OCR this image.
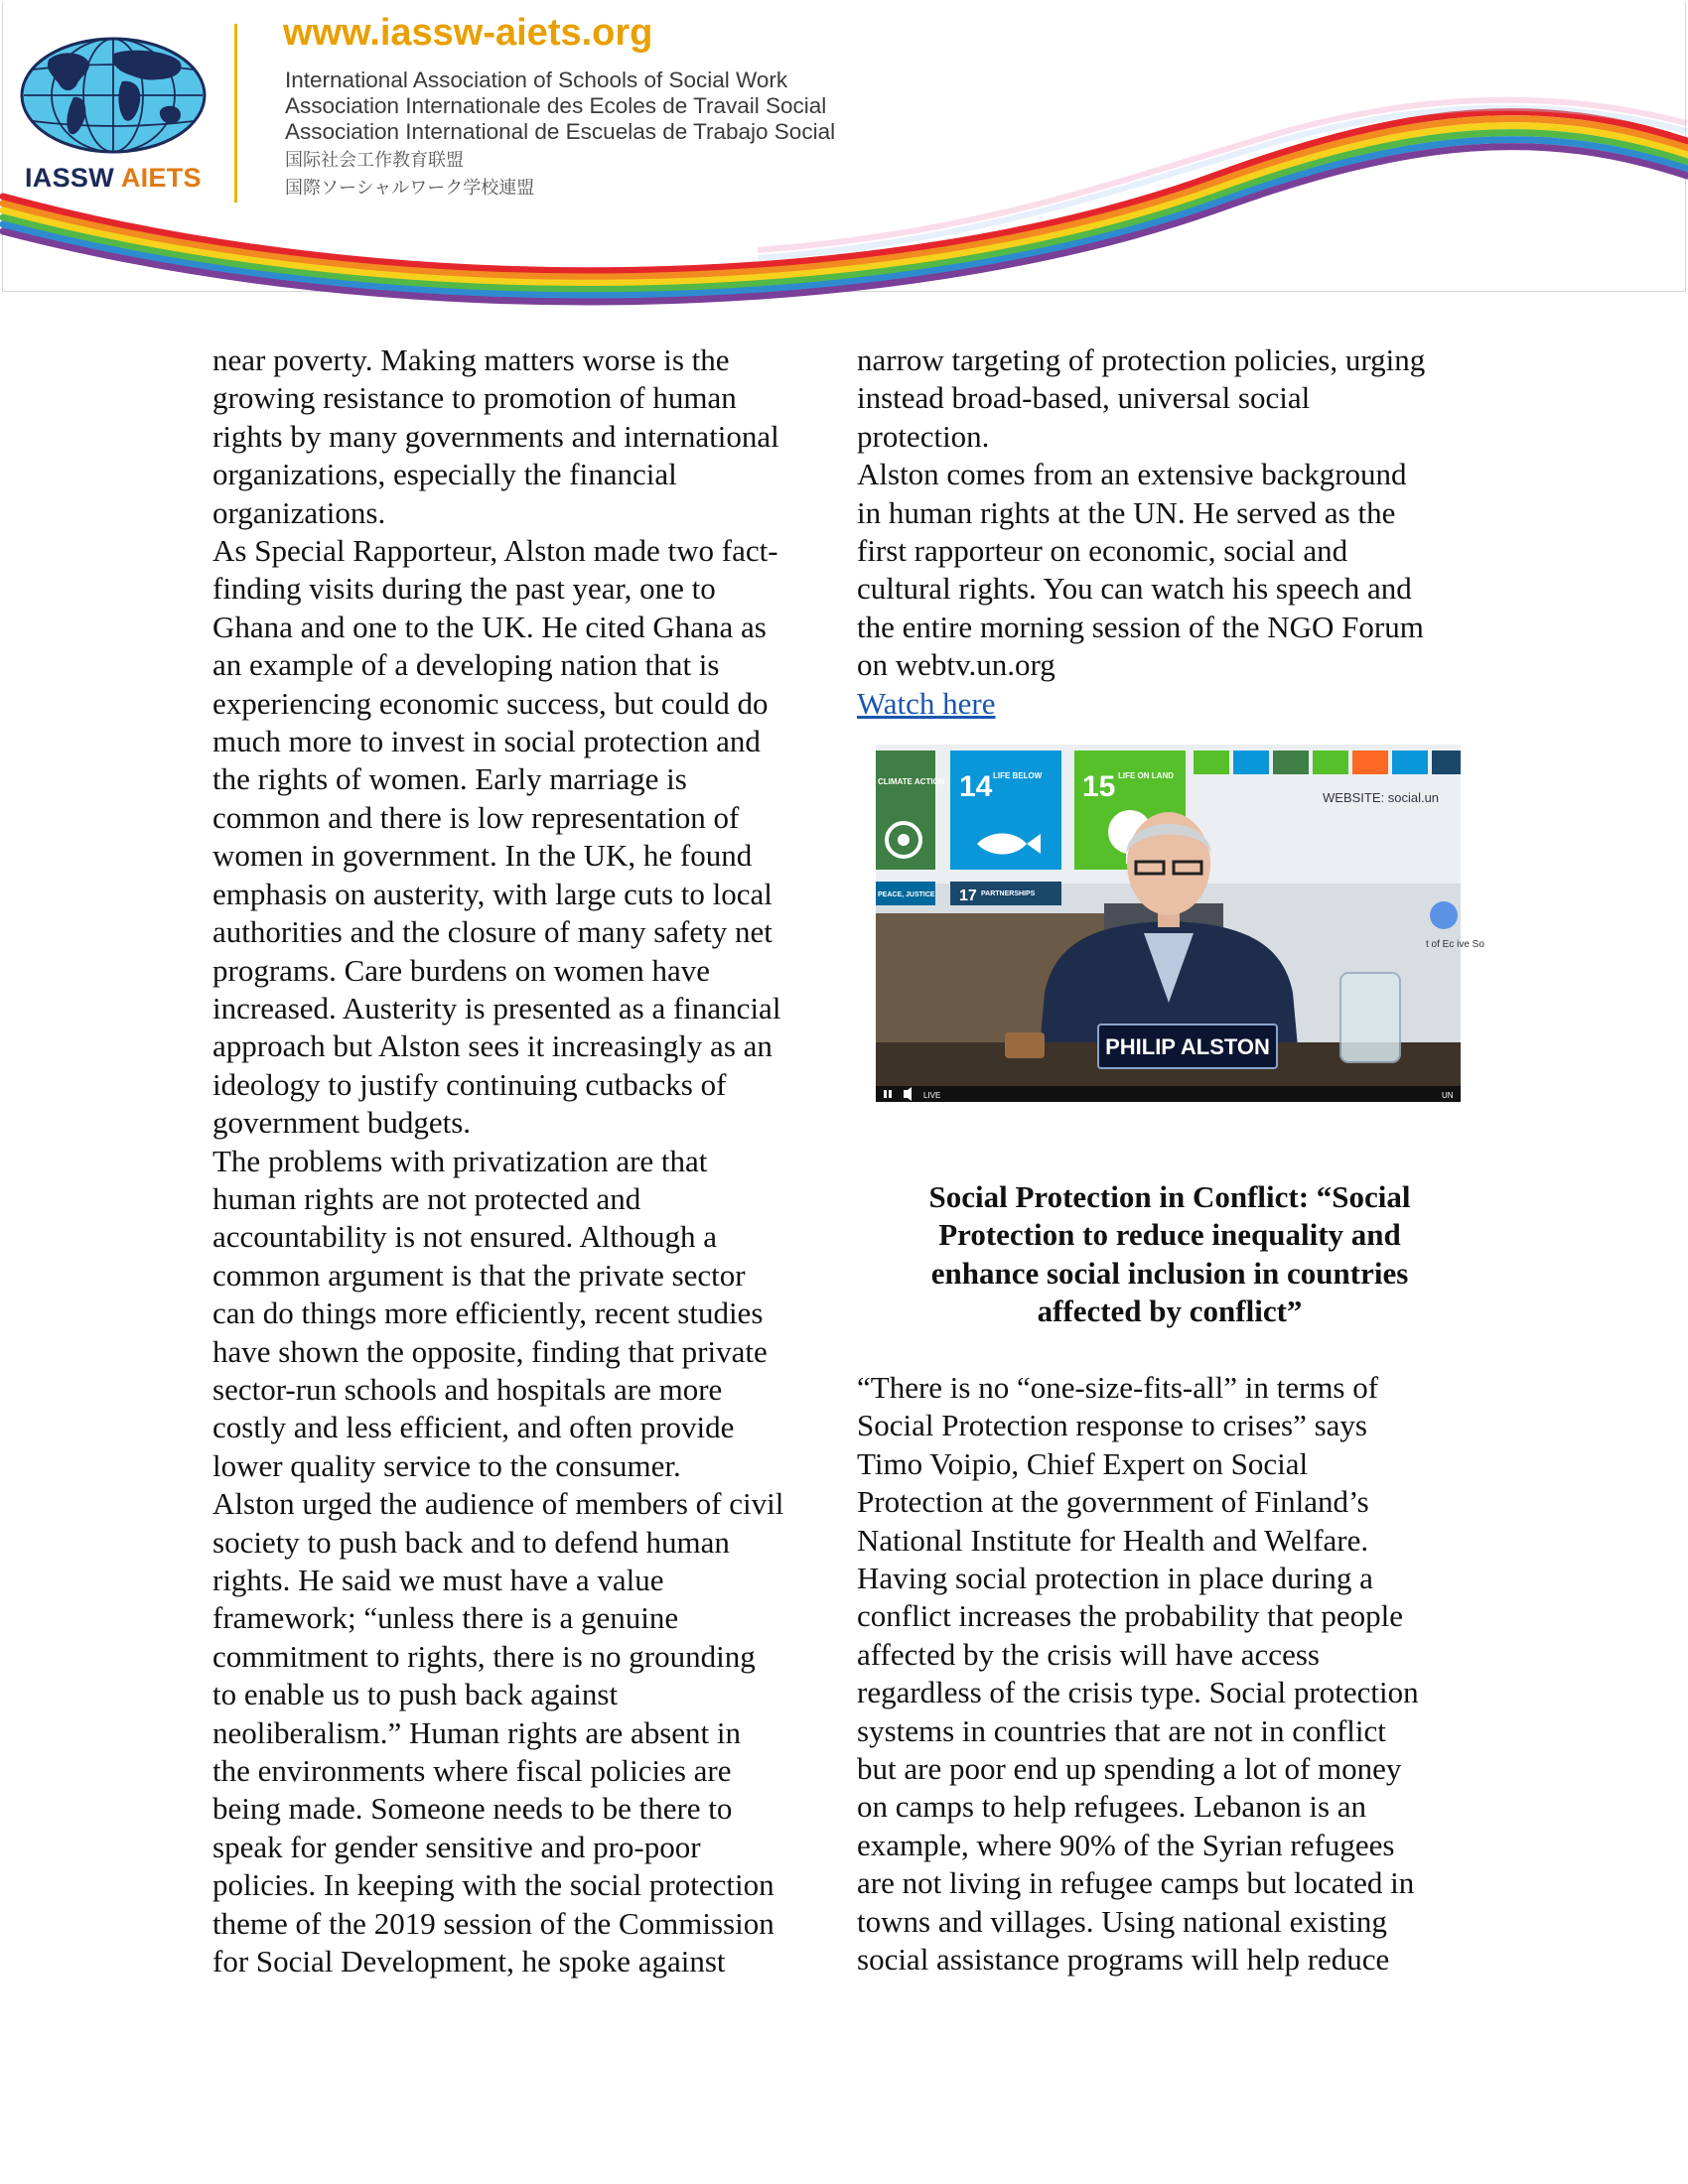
IASSW AIETS
www.iassw-aiets.org
International Association of Schools of Social Work
Association Internationale des Ecoles de Travail Social
Association International de Escuelas de Trabajo Social
国际社会工作教育联盟
国際ソーシャルワーク学校連盟

near poverty. Making matters worse is the
growing resistance to promotion of human
rights by many governments and international
organizations, especially the financial
organizations.

As Special Rapporteur, Alston made two fact-
finding visits during the past year, one to
Ghana and one to the UK. He cited Ghana as
an example of a developing nation that is
experiencing economic success, but could do
much more to invest in social protection and
the rights of women. Early marriage is
common and there is low representation of
women in government. In the UK, he found
emphasis on austerity, with large cuts to local
authorities and the closure of many safety net
programs. Care burdens on women have
increased. Austerity is presented as a financial
approach but Alston sees it increasingly as an
ideology to justify continuing cutbacks of
government budgets.

The problems with privatization are that
human rights are not protected and
accountability is not ensured. Although a
common argument is that the private sector
can do things more efficiently, recent studies
have shown the opposite, finding that private
sector-run schools and hospitals are more
costly and less efficient, and often provide
lower quality service to the consumer.

Alston urged the audience of members of civil
society to push back and to defend human
rights. He said we must have a value
framework; “unless there is a genuine
commitment to rights, there is no grounding
to enable us to push back against
neoliberalism.” Human rights are absent in
the environments where fiscal policies are
being made. Someone needs to be there to
speak for gender sensitive and pro-poor
policies. In keeping with the social protection
theme of the 2019 session of the Commission
for Social Development, he spoke against

narrow targeting of protection policies, urging
instead broad-based, universal social
protection.

Alston comes from an extensive background
in human rights at the UN. He served as the
first rapporteur on economic, social and
cultural rights. You can watch his speech and
the entire morning session of the NGO Forum
on webtv.un.org

Watch here

CLIMATE ACTION 14 LIFE BELOW 15 LIFE ON LAND
WEBSITE: social.un
PEACE, JUSTICE 17 PARTNERSHIPS
t of Ec ive So
PHILIP ALSTON
LIVE	UN
Social Protection in Conflict: “Social
Protection to reduce inequality and
enhance social inclusion in countries
affected by conflict”

“There is no “one-size-fits-all” in terms of
Social Protection response to crises” says
Timo Voipio, Chief Expert on Social
Protection at the government of Finland’s
National Institute for Health and Welfare.
Having social protection in place during a
conflict increases the probability that people
affected by the crisis will have access
regardless of the crisis type. Social protection
systems in countries that are not in conflict
but are poor end up spending a lot of money
on camps to help refugees. Lebanon is an
example, where 90% of the Syrian refugees
are not living in refugee camps but located in
towns and villages. Using national existing
social assistance programs will help reduce
